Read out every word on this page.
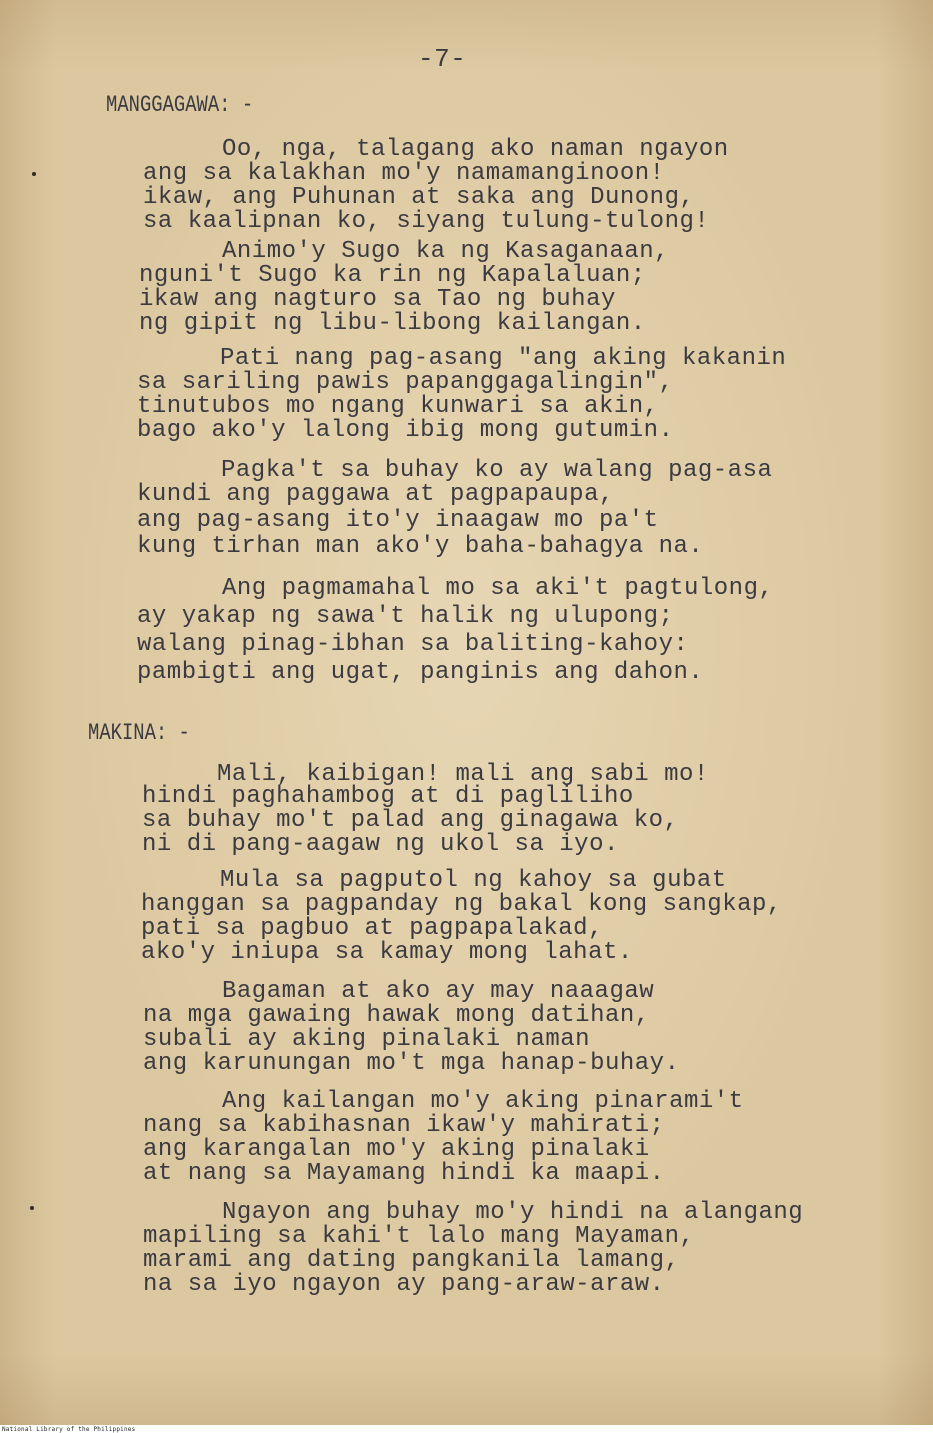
-7-
MANGGAGAWA: -
Oo, nga, talagang ako naman ngayon
ang sa kalakhan mo'y namamanginoon!
ikaw, ang Puhunan at saka ang Dunong,
sa kaalipnan ko, siyang tulung-tulong!
Animo'y Sugo ka ng Kasaganaan,
nguni't Sugo ka rin ng Kapalaluan;
ikaw ang nagturo sa Tao ng buhay
ng gipit ng libu-libong kailangan.
Pati nang pag-asang "ang aking kakanin
sa sariling pawis papanggagalingin",
tinutubos mo ngang kunwari sa akin,
bago ako'y lalong ibig mong gutumin.
Pagka't sa buhay ko ay walang pag-asa
kundi ang paggawa at pagpapaupa,
ang pag-asang ito'y inaagaw mo pa't
kung tirhan man ako'y baha-bahagya na.
Ang pagmamahal mo sa aki't pagtulong,
ay yakap ng sawa't halik ng ulupong;
walang pinag-ibhan sa baliting-kahoy:
pambigti ang ugat, panginis ang dahon.
MAKINA: -
Mali, kaibigan! mali ang sabi mo!
hindi paghahambog at di pagliliho
sa buhay mo't palad ang ginagawa ko,
ni di pang-aagaw ng ukol sa iyo.
Mula sa pagputol ng kahoy sa gubat
hanggan sa pagpanday ng bakal kong sangkap,
pati sa pagbuo at pagpapalakad,
ako'y iniupa sa kamay mong lahat.
Bagaman at ako ay may naaagaw
na mga gawaing hawak mong datihan,
subali ay aking pinalaki naman
ang karunungan mo't mga hanap-buhay.
Ang kailangan mo'y aking pinarami't
nang sa kabihasnan ikaw'y mahirati;
ang karangalan mo'y aking pinalaki
at nang sa Mayamang hindi ka maapi.
Ngayon ang buhay mo'y hindi na alangang
mapiling sa kahi't lalo mang Mayaman,
marami ang dating pangkanila lamang,
na sa iyo ngayon ay pang-araw-araw.
National Library of the Philippines
